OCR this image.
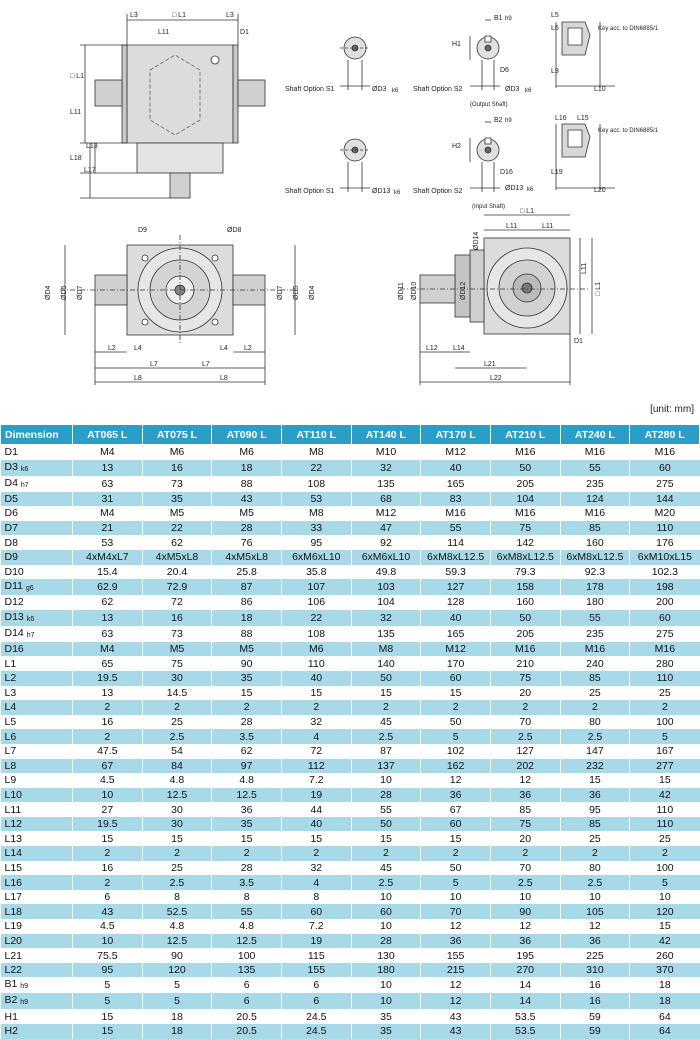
L3	□ L1	L3
L11	D1
□ L1
L11
L18
L13
L17
Shaft Option S1	ØD3 k6
B1 h9
H1
D6
Shaft Option S2	ØD3 k6
(Output Shaft)
L5
L6	Key acc. to DIN6885/1
L9
L10
Shaft Option S1	ØD13 k6
B2 h9
H2
D16
Shaft Option S2	ØD13 k6
(Input Shaft)
L16 L15
Key acc. to DIN6885/1
L19
L20
D9	ØD8
ØD4 ØD5 ØD7	ØD7 ØD5 ØD4
L2	L4	L4 L2
L7	L7
L8	L8
□ L1
L11	L11
ØD14
ØD11 ØD10	ØD12
L11
□ L1
D1
L12 L14
L21
L22
[unit: mm]
Dimension	AT065 L	AT075 L	AT090 L	AT110 L	AT140 L	AT170 L	AT210 L	AT240 L	AT280 L
D1	M4	M6	M6	M8	M10	M12	M16	M16	M16
D3 $_{k6}$	13	16	18	22	32	40	50	55	60
D4 $_{h7}$	63	73	88	108	135	165	205	235	275
D5	31	35	43	53	68	83	104	124	144
D6	M4	M5	M5	M8	M12	M16	M16	M16	M20
D7	21	22	28	33	47	55	75	85	110
D8	53	62	76	95	92	114	142	160	176
D9	4xM4xL7	4xM5xL8	4xM5xL8	6xM6xL10	6xM6xL10	6xM8xL12.5	6xM8xL12.5	6xM8xL12.5	6xM10xL15
D10	15.4	20.4	25.8	35.8	49.8	59.3	79.3	92.3	102.3
D11 $_{g6}$	62.9	72.9	87	107	103	127	158	178	198
D12	62	72	86	106	104	128	160	180	200
D13 $_{k6}$	13	16	18	22	32	40	50	55	60
D14 $_{h7}$	63	73	88	108	135	165	205	235	275
D16	M4	M5	M5	M6	M8	M12	M16	M16	M16
L1	65	75	90	110	140	170	210	240	280
L2	19.5	30	35	40	50	60	75	85	110
L3	13	14.5	15	15	15	15	20	25	25
L4	2	2	2	2	2	2	2	2	2
L5	16	25	28	32	45	50	70	80	100
L6	2	2.5	3.5	4	2.5	5	2.5	2.5	5
L7	47.5	54	62	72	87	102	127	147	167
L8	67	84	97	112	137	162	202	232	277
L9	4.5	4.8	4.8	7.2	10	12	12	15	15
L10	10	12.5	12.5	19	28	36	36	36	42
L11	27	30	36	44	55	67	85	95	110
L12	19.5	30	35	40	50	60	75	85	110
L13	15	15	15	15	15	15	20	25	25
L14	2	2	2	2	2	2	2	2	2
L15	16	25	28	32	45	50	70	80	100
L16	2	2.5	3.5	4	2.5	5	2.5	2.5	5
L17	6	8	8	8	10	10	10	10	10
L18	43	52.5	55	60	60	70	90	105	120
L19	4.5	4.8	4.8	7.2	10	12	12	12	15
L20	10	12.5	12.5	19	28	36	36	36	42
L21	75.5	90	100	115	130	155	195	225	260
L22	95	120	135	155	180	215	270	310	370
B1 $_{h9}$	5	5	6	6	10	12	14	16	18
B2 $_{h9}$	5	5	6	6	10	12	14	16	18
H1	15	18	20.5	24.5	35	43	53.5	59	64
H2	15	18	20.5	24.5	35	43	53.5	59	64
